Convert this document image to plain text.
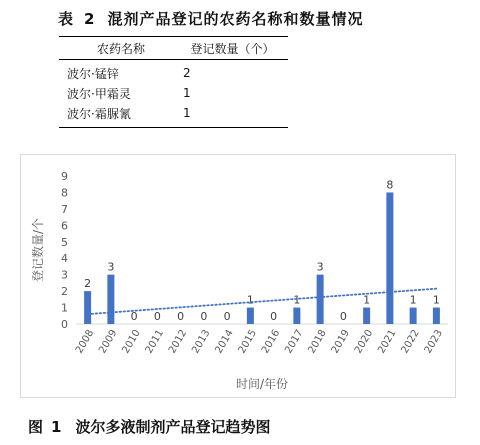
表 2 混剂产品登记的农药名称和数量情况
农药名称	登记数量（个）
波尔·锰锌	2
波尔·甲霜灵	1
波尔·霜脲氰	1
0
1
2
3
4
5
6
7
8
9
2
3
0 0 0 0 0
1
0
1
3
0
1
8
1 1
2008 2009 2010 2011 2012 2013 2014 2015 2016 2017 2018 2019 2020 2021 2022 2023
时间/年份
登记数量/个
图 1 波尔多液制剂产品登记趋势图
